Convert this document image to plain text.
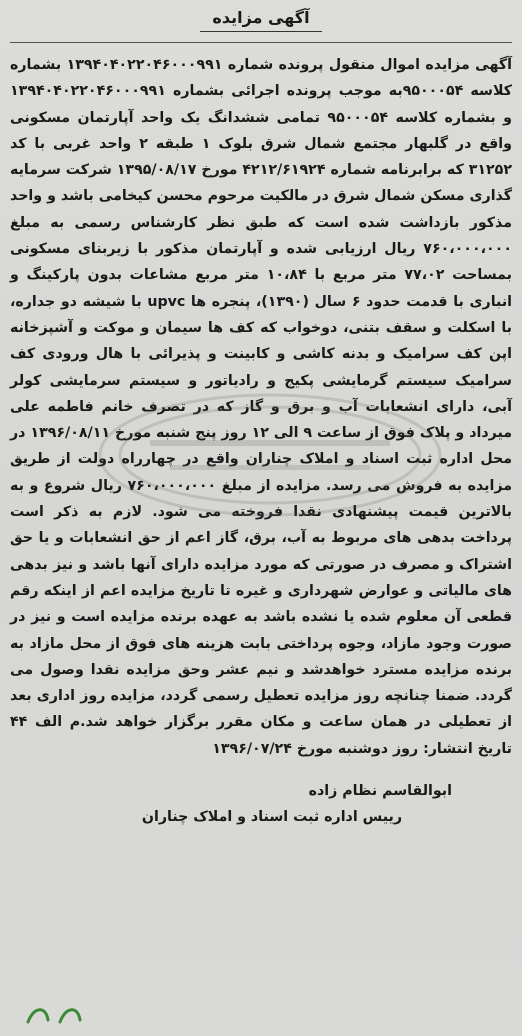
آگهی مزایده

آگهی مزایده اموال منقول پرونده شماره ۱۳۹۴۰۴۰۲۲۰۴۶۰۰۰۹۹۱ بشماره کلاسه ۹۵۰۰۰۵۴به موجب پرونده اجرائی بشماره ۱۳۹۴۰۴۰۲۲۰۴۶۰۰۰۹۹۱ و بشماره کلاسه ۹۵۰۰۰۵۴ تمامی ششدانگ یک واحد آپارتمان مسکونی واقع در گلبهار مجتمع شمال شرق بلوک ۱ طبقه ۲ واحد غربی با کد ۳۱۲۵۲ که برابرنامه شماره ۴۲۱۲/۶۱۹۲۴ مورخ ۱۳۹۵/۰۸/۱۷ شرکت سرمایه گذاری مسکن شمال شرق در مالکیت مرحوم محسن کیخامی باشد و واحد مذکور بازداشت شده است که طبق نظر کارشناس رسمی به مبلغ ۷۶۰،۰۰۰،۰۰۰ ریال ارزیابی شده و آپارتمان مذکور با زیربنای مسکونی بمساحت ۷۷،۰۲ متر مربع با ۱۰،۸۴ متر مربع مشاعات بدون پارکینگ و انباری با قدمت حدود ۶ سال (۱۳۹۰)، پنجره ها upvc با شیشه دو جداره، با اسکلت و سقف بتنی، دوخواب که کف ها سیمان و موکت و آشپزخانه اپن کف سرامیک و بدنه کاشی و کابینت و پذیرائی با هال ورودی کف سرامیک سیستم گرمایشی پکیج و رادیاتور و سیستم سرمایشی کولر آبی، دارای انشعابات آب و برق و گاز که در تصرف خانم فاطمه علی میرداد و پلاک فوق از ساعت ۹ الی ۱۲ روز پنج شنبه مورخ ۱۳۹۶/۰۸/۱۱ در محل اداره ثبت اسناد و املاک چناران واقع در چهارراه دولت از طریق مزایده به فروش می رسد. مزایده از مبلغ ۷۶۰،۰۰۰،۰۰۰ ریال شروع و به بالاترین قیمت پیشنهادی نقدا فروخته می شود. لازم به ذکر است پرداخت بدهی های مربوط به آب، برق، گاز اعم از حق انشعابات و یا حق اشتراک و مصرف در صورتی که مورد مزایده دارای آنها باشد و نیز بدهی های مالیاتی و عوارض شهرداری و غیره تا تاریخ مزایده اعم از اینکه رقم قطعی آن معلوم شده یا نشده باشد به عهده برنده مزایده است و نیز در صورت وجود مازاد، وجوه پرداختی بابت هزینه های فوق از محل مازاد به برنده مزایده مسترد خواهدشد و نیم عشر وحق مزایده نقدا وصول می گردد. ضمنا چنانچه روز مزایده تعطیل رسمی گردد، مزایده روز اداری بعد از تعطیلی در همان ساعت و مکان مقرر برگزار خواهد شد.م الف ۴۴ تاریخ انتشار: روز دوشنبه مورخ ۱۳۹۶/۰۷/۲۴

ابوالقاسم نظام زاده
رییس اداره ثبت اسناد و املاک چناران
